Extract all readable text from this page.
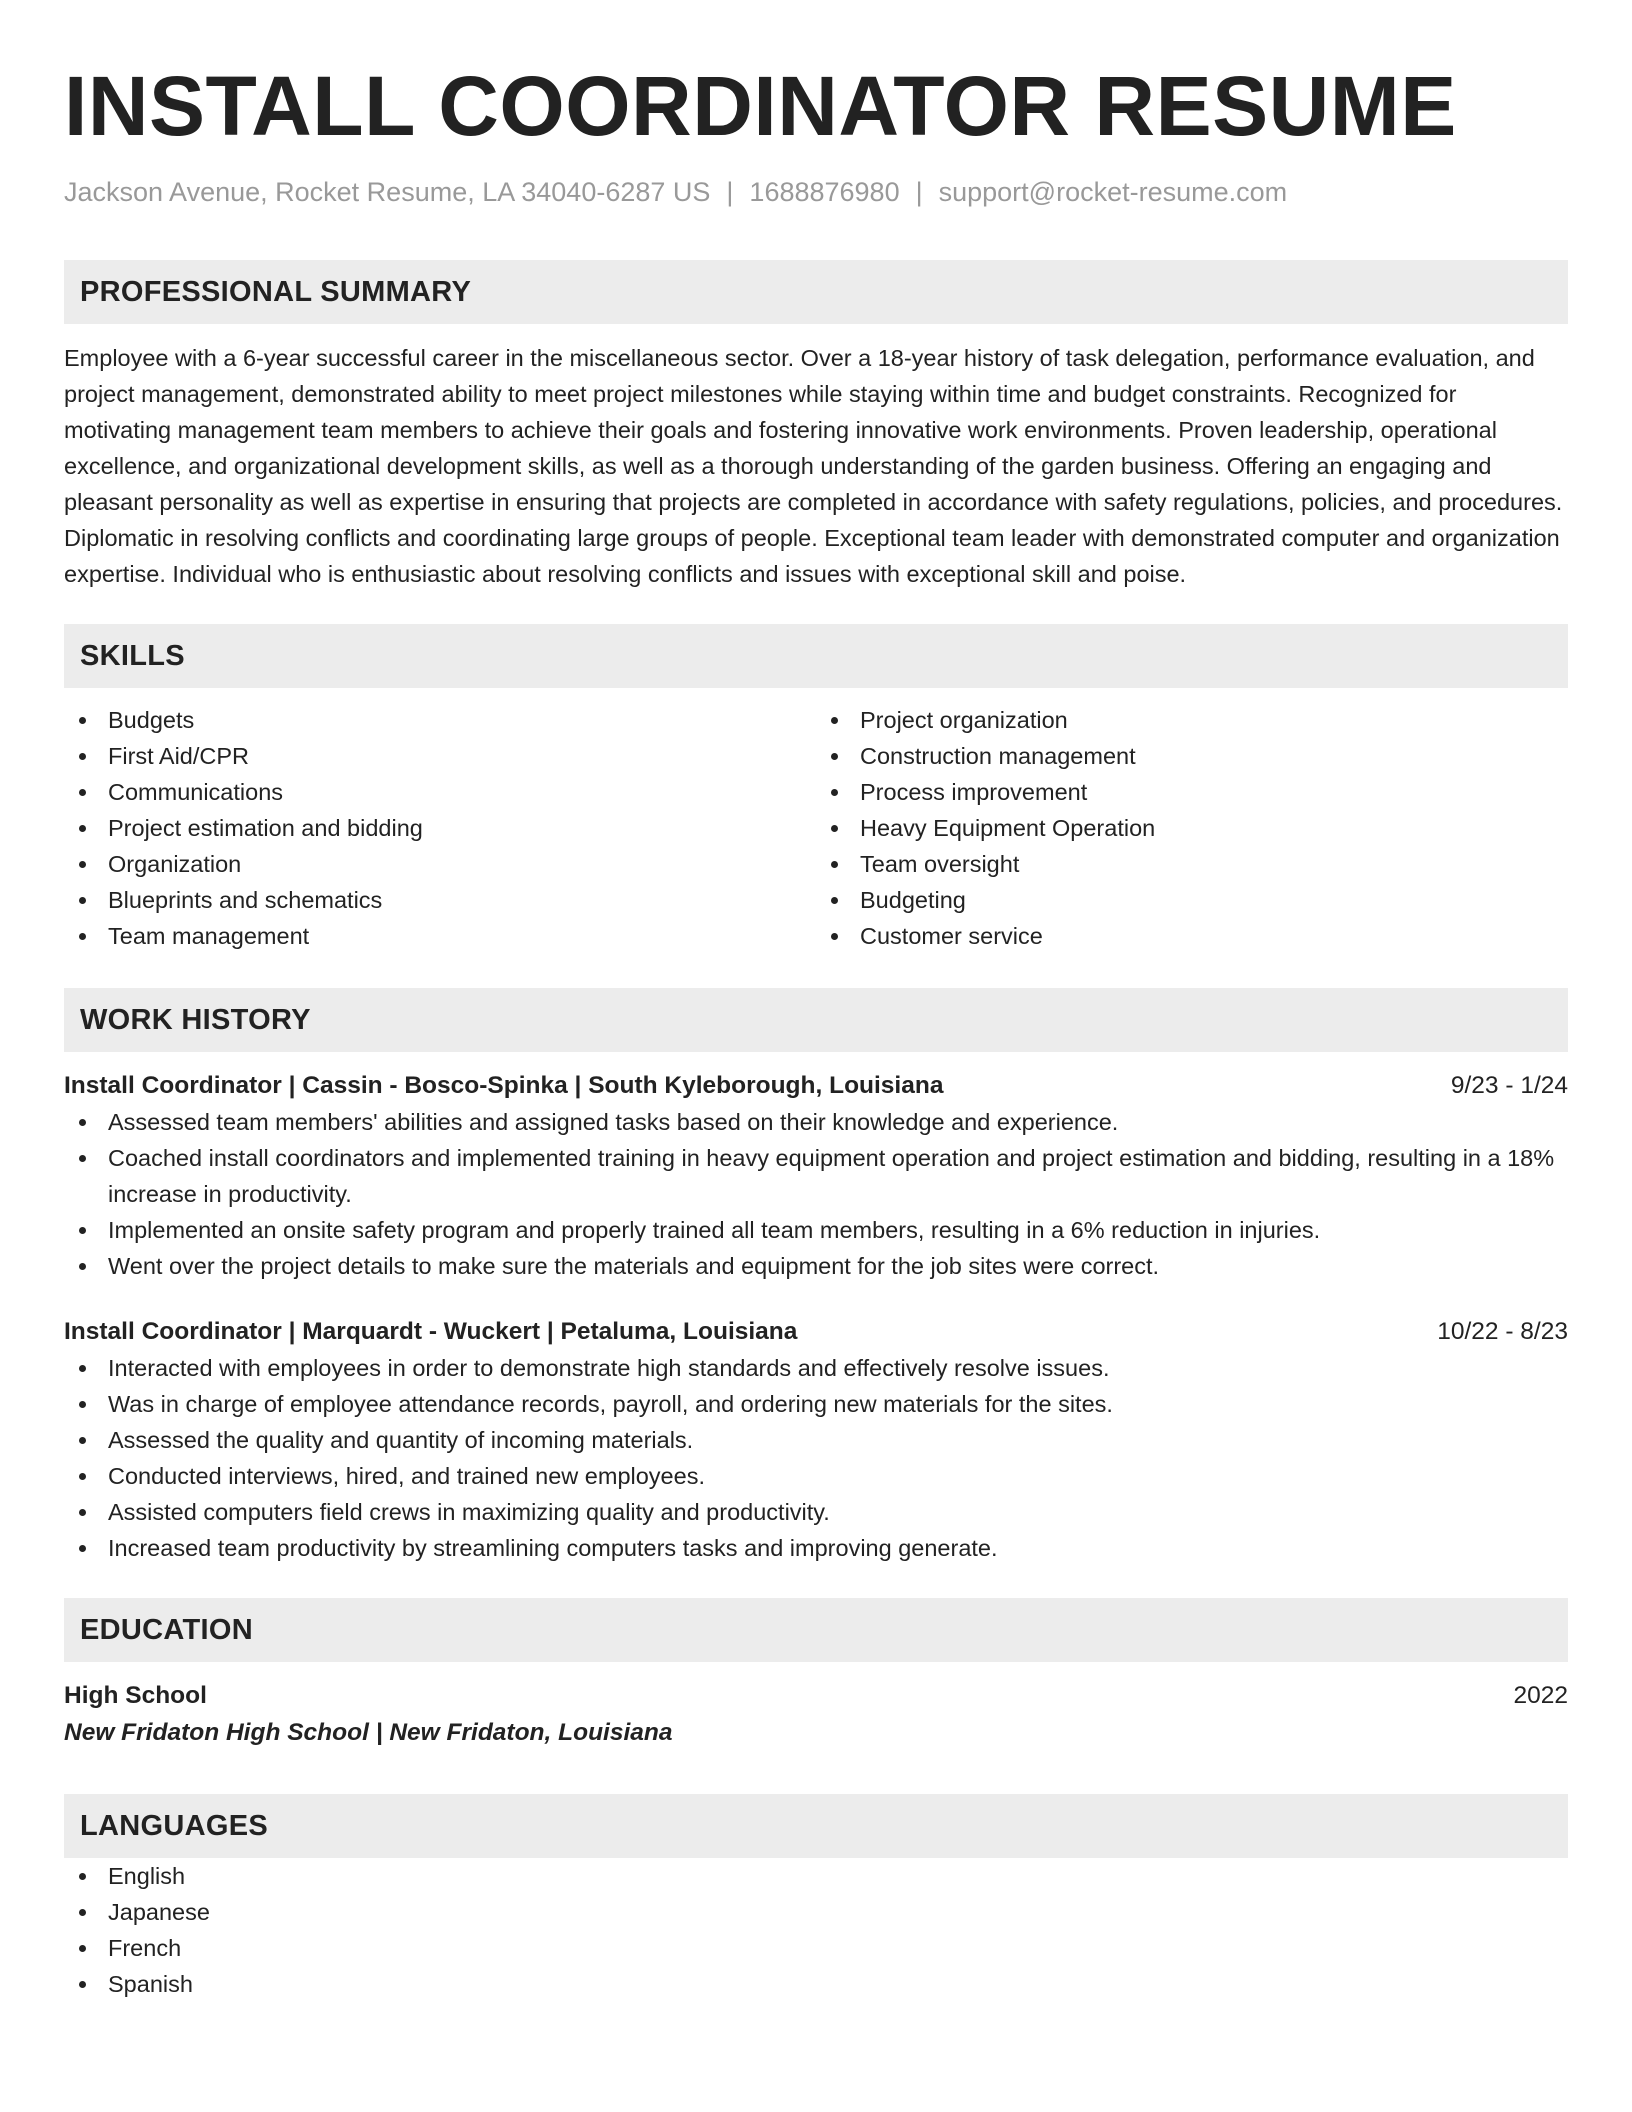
INSTALL COORDINATOR RESUME
Jackson Avenue, Rocket Resume, LA 34040-6287 US | 1688876980 | support@rocket-resume.com
PROFESSIONAL SUMMARY

Employee with a 6-year successful career in the miscellaneous sector. Over a 18-year history of task delegation, performance evaluation, and project management, demonstrated ability to meet project milestones while staying within time and budget constraints. Recognized for motivating management team members to achieve their goals and fostering innovative work environments. Proven leadership, operational excellence, and organizational development skills, as well as a thorough understanding of the garden business. Offering an engaging and pleasant personality as well as expertise in ensuring that projects are completed in accordance with safety regulations, policies, and procedures. Diplomatic in resolving conflicts and coordinating large groups of people. Exceptional team leader with demonstrated computer and organization expertise. Individual who is enthusiastic about resolving conflicts and issues with exceptional skill and poise.

SKILLS
Budgets
First Aid/CPR
Communications
Project estimation and bidding
Organization
Blueprints and schematics
Team management
Project organization
Construction management
Process improvement
Heavy Equipment Operation
Team oversight
Budgeting
Customer service
WORK HISTORY
Install Coordinator | Cassin - Bosco-Spinka | South Kyleborough, Louisiana	9/23 - 1/24
Assessed team members' abilities and assigned tasks based on their knowledge and experience.
Coached install coordinators and implemented training in heavy equipment operation and project estimation and bidding, resulting in a 18% increase in productivity.
Implemented an onsite safety program and properly trained all team members, resulting in a 6% reduction in injuries.
Went over the project details to make sure the materials and equipment for the job sites were correct.
Install Coordinator | Marquardt - Wuckert | Petaluma, Louisiana	10/22 - 8/23
Interacted with employees in order to demonstrate high standards and effectively resolve issues.
Was in charge of employee attendance records, payroll, and ordering new materials for the sites.
Assessed the quality and quantity of incoming materials.
Conducted interviews, hired, and trained new employees.
Assisted computers field crews in maximizing quality and productivity.
Increased team productivity by streamlining computers tasks and improving generate.
EDUCATION
High School	2022
New Fridaton High School | New Fridaton, Louisiana
LANGUAGES
English
Japanese
French
Spanish
